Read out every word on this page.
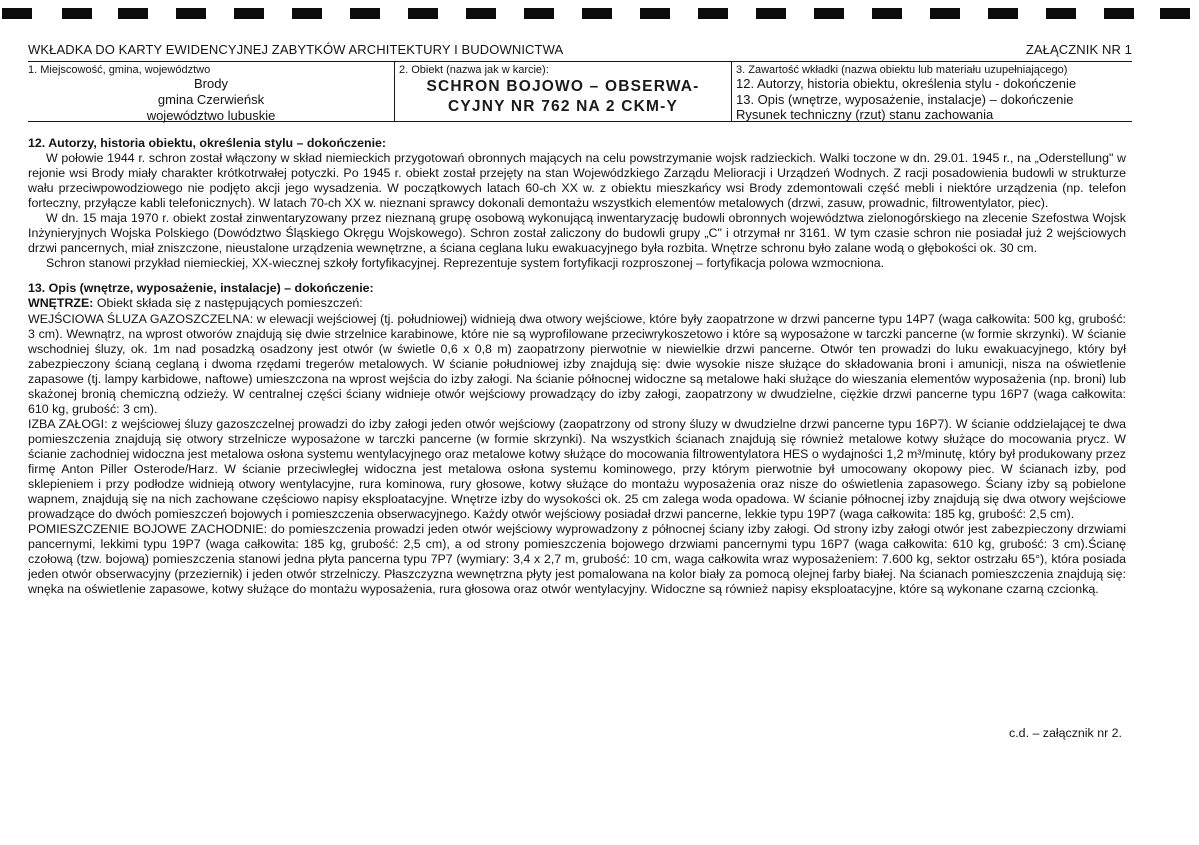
WKŁADKA DO KARTY EWIDENCYJNEJ ZABYTKÓW ARCHITEKTURY I BUDOWNICTWA	ZAŁĄCZNIK NR 1
1. Miejscowość, gmina, województwo
Brody
gmina Czerwieńsk
województwo lubuskie
2. Obiekt (nazwa jak w karcie):
SCHRON BOJOWO – OBSERWA-
CYJNY NR 762 NA 2 CKM-Y
3. Zawartość wkładki (nazwa obiektu lub materiału uzupełniającego)
12. Autorzy, historia obiektu, określenia stylu - dokończenie
13. Opis (wnętrze, wyposażenie, instalacje) – dokończenie
Rysunek techniczny (rzut) stanu zachowania

12. Autorzy, historia obiektu, określenia stylu – dokończenie:

W połowie 1944 r. schron został włączony w skład niemieckich przygotowań obronnych mających na celu powstrzymanie wojsk radzieckich. Walki toczone w dn. 29.01. 1945 r., na „Oderstellung" w rejonie wsi Brody miały charakter krótkotrwałej potyczki. Po 1945 r. obiekt został przejęty na stan Wojewódzkiego Zarządu Melioracji i Urządzeń Wodnych. Z racji posadowienia budowli w strukturze wału przeciwpowodziowego nie podjęto akcji jego wysadzenia. W początkowych latach 60-ch XX w. z obiektu mieszkańcy wsi Brody zdemontowali część mebli i niektóre urządzenia (np. telefon forteczny, przyłącze kabli telefonicznych). W latach 70-ch XX w. nieznani sprawcy dokonali demontażu wszystkich elementów metalowych (drzwi, zasuw, prowadnic, filtrowentylator, piec).

W dn. 15 maja 1970 r. obiekt został zinwentaryzowany przez nieznaną grupę osobową wykonującą inwentaryzację budowli obronnych województwa zielonogórskiego na zlecenie Szefostwa Wojsk Inżynieryjnych Wojska Polskiego (Dowództwo Śląskiego Okręgu Wojskowego). Schron został zaliczony do budowli grupy „C" i otrzymał nr 3161. W tym czasie schron nie posiadał już 2 wejściowych drzwi pancernych, miał zniszczone, nieustalone urządzenia wewnętrzne, a ściana ceglana luku ewakuacyjnego była rozbita. Wnętrze schronu było zalane wodą o głębokości ok. 30 cm.

Schron stanowi przykład niemieckiej, XX-wiecznej szkoły fortyfikacyjnej. Reprezentuje system fortyfikacji rozproszonej – fortyfikacja polowa wzmocniona.

13. Opis (wnętrze, wyposażenie, instalacje) – dokończenie:

WNĘTRZE: Obiekt składa się z następujących pomieszczeń:

WEJŚCIOWA ŚLUZA GAZOSZCZELNA: w elewacji wejściowej (tj. południowej) widnieją dwa otwory wejściowe, które były zaopatrzone w drzwi pancerne typu 14P7 (waga całkowita: 500 kg, grubość: 3 cm). Wewnątrz, na wprost otworów znajdują się dwie strzelnice karabinowe, które nie są wyprofilowane przeciwrykoszetowo i które są wyposażone w tarczki pancerne (w formie skrzynki). W ścianie wschodniej śluzy, ok. 1m nad posadzką osadzony jest otwór (w świetle 0,6 x 0,8 m) zaopatrzony pierwotnie w niewielkie drzwi pancerne. Otwór ten prowadzi do luku ewakuacyjnego, który był zabezpieczony ścianą ceglaną i dwoma rzędami tregerów metalowych. W ścianie południowej izby znajdują się: dwie wysokie nisze służące do składowania broni i amunicji, nisza na oświetlenie zapasowe (tj. lampy karbidowe, naftowe) umieszczona na wprost wejścia do izby załogi. Na ścianie północnej widoczne są metalowe haki służące do wieszania elementów wyposażenia (np. broni) lub skażonej bronią chemiczną odzieży. W centralnej części ściany widnieje otwór wejściowy prowadzący do izby załogi, zaopatrzony w dwudzielne, ciężkie drzwi pancerne typu 16P7 (waga całkowita: 610 kg, grubość: 3 cm).

IZBA ZAŁOGI: z wejściowej śluzy gazoszczelnej prowadzi do izby załogi jeden otwór wejściowy (zaopatrzony od strony śluzy w dwudzielne drzwi pancerne typu 16P7). W ścianie oddzielającej te dwa pomieszczenia znajdują się otwory strzelnicze wyposażone w tarczki pancerne (w formie skrzynki). Na wszystkich ścianach znajdują się również metalowe kotwy służące do mocowania prycz. W ścianie zachodniej widoczna jest metalowa osłona systemu wentylacyjnego oraz metalowe kotwy służące do mocowania filtrowentylatora HES o wydajności 1,2 m³/minutę, który był produkowany przez firmę Anton Piller Osterode/Harz. W ścianie przeciwległej widoczna jest metalowa osłona systemu kominowego, przy którym pierwotnie był umocowany okopowy piec. W ścianach izby, pod sklepieniem i przy podłodze widnieją otwory wentylacyjne, rura kominowa, rury głosowe, kotwy służące do montażu wyposażenia oraz nisze do oświetlenia zapasowego. Ściany izby są pobielone wapnem, znajdują się na nich zachowane częściowo napisy eksploatacyjne. Wnętrze izby do wysokości ok. 25 cm zalega woda opadowa. W ścianie północnej izby znajdują się dwa otwory wejściowe prowadzące do dwóch pomieszczeń bojowych i pomieszczenia obserwacyjnego. Każdy otwór wejściowy posiadał drzwi pancerne, lekkie typu 19P7 (waga całkowita: 185 kg, grubość: 2,5 cm).

POMIESZCZENIE BOJOWE ZACHODNIE: do pomieszczenia prowadzi jeden otwór wejściowy wyprowadzony z północnej ściany izby załogi. Od strony izby załogi otwór jest zabezpieczony drzwiami pancernymi, lekkimi typu 19P7 (waga całkowita: 185 kg, grubość: 2,5 cm), a od strony pomieszczenia bojowego drzwiami pancernymi typu 16P7 (waga całkowita: 610 kg, grubość: 3 cm).Ścianę czołową (tzw. bojową) pomieszczenia stanowi jedna płyta pancerna typu 7P7 (wymiary: 3,4 x 2,7 m, grubość: 10 cm, waga całkowita wraz wyposażeniem: 7.600 kg, sektor ostrzału 65°), która posiada jeden otwór obserwacyjny (przeziernik) i jeden otwór strzelniczy. Płaszczyzna wewnętrzna płyty jest pomalowana na kolor biały za pomocą olejnej farby białej. Na ścianach pomieszczenia znajdują się: wnęka na oświetlenie zapasowe, kotwy służące do montażu wyposażenia, rura głosowa oraz otwór wentylacyjny. Widoczne są również napisy eksploatacyjne, które są wykonane czarną czcionką.

c.d. – załącznik nr 2.
